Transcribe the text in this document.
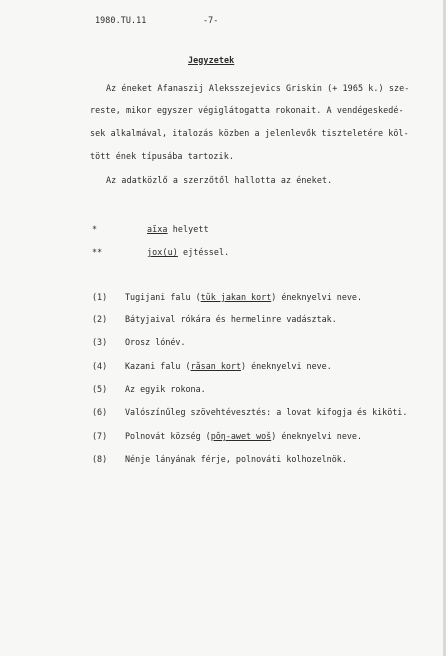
1980.TU.11	-7-
Jegyzetek
Az éneket Afanaszij Aleksszejevics Griskin (+ 1965 k.) sze-
reste, mikor egyszer végiglátogatta rokonait. A vendégeskedé-
sek alkalmával, italozás közben a jelenlevők tiszteletére köl-
tött ének típusába tartozik.
Az adatközlő a szerzőtől hallotta az éneket.
*	aĭxa helyett
**	jox(u) ejtéssel.
(1) Tugijani falu (tŭk jakan kort) éneknyelvi neve.
(2) Bátyjaival rókára és hermelinre vadásztak.
(3) Orosz lónév.
(4) Kazani falu (răsan kort) éneknyelvi neve.
(5) Az egyik rokona.
(6) Valószínűleg szövehtévesztés: a lovat kifogja és kiköti.
(7) Polnovát község (pŏŋ-awet woš) éneknyelvi neve.
(8) Nénje lányának férje, polnováti kolhozelnök.
